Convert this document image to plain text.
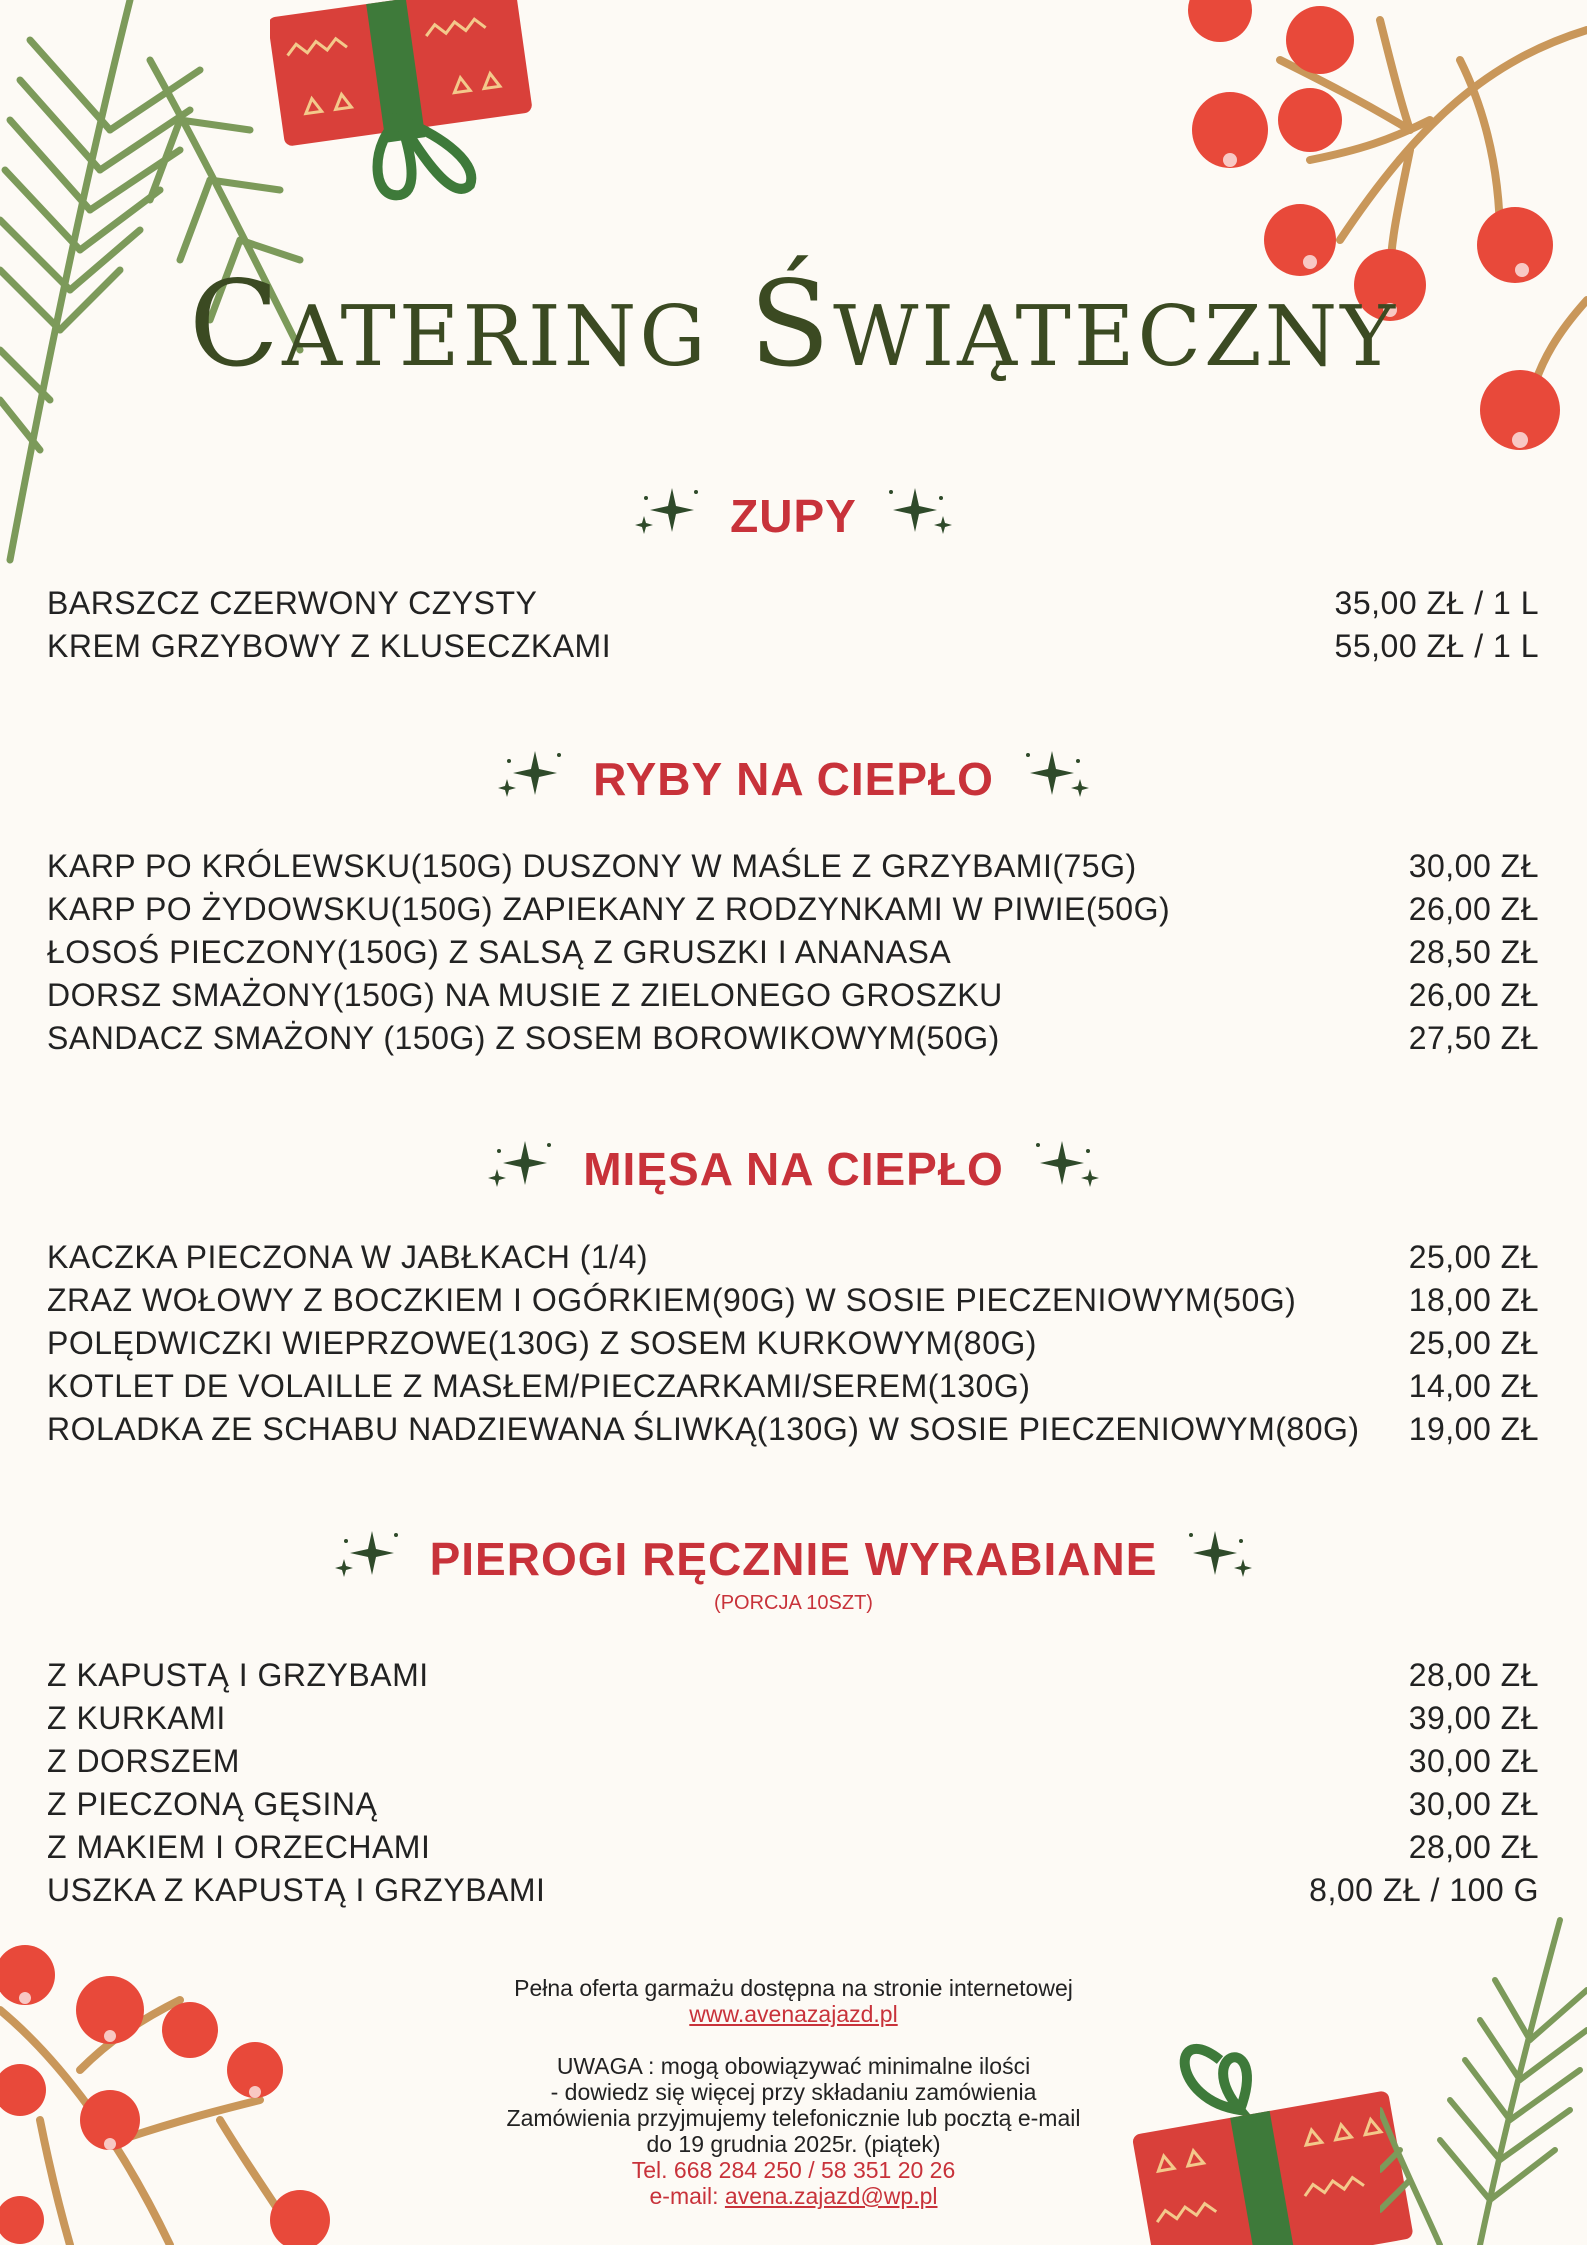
Catering Świąteczny
ZUPY
BARSZCZ CZERWONY CZYSTY	35,00 ZŁ / 1 L
KREM GRZYBOWY Z KLUSECZKAMI	55,00 ZŁ / 1 L
RYBY NA CIEPŁO
KARP PO KRÓLEWSKU(150G) DUSZONY W MAŚLE Z GRZYBAMI(75G)	30,00 ZŁ
KARP PO ŻYDOWSKU(150G) ZAPIEKANY Z RODZYNKAMI W PIWIE(50G)	26,00 ZŁ
ŁOSOŚ PIECZONY(150G) Z SALSĄ Z GRUSZKI I ANANASA	28,50 ZŁ
DORSZ SMAŻONY(150G) NA MUSIE Z ZIELONEGO GROSZKU	26,00 ZŁ
SANDACZ SMAŻONY (150G) Z SOSEM BOROWIKOWYM(50G)	27,50 ZŁ
MIĘSA NA CIEPŁO
KACZKA PIECZONA W JABŁKACH (1/4)	25,00 ZŁ
ZRAZ WOŁOWY Z BOCZKIEM I OGÓRKIEM(90G) W SOSIE PIECZENIOWYM(50G)	18,00 ZŁ
POLĘDWICZKI WIEPRZOWE(130G) Z SOSEM KURKOWYM(80G)	25,00 ZŁ
KOTLET DE VOLAILLE Z MASŁEM/PIECZARKAMI/SEREM(130G)	14,00 ZŁ
ROLADKA ZE SCHABU NADZIEWANA ŚLIWKĄ(130G) W SOSIE PIECZENIOWYM(80G) 19,00 ZŁ
PIEROGI RĘCZNIE WYRABIANE
(PORCJA 10SZT)
Z KAPUSTĄ I GRZYBAMI	28,00 ZŁ
Z KURKAMI	39,00 ZŁ
Z DORSZEM	30,00 ZŁ
Z PIECZONĄ GĘSINĄ	30,00 ZŁ
Z MAKIEM I ORZECHAMI	28,00 ZŁ
USZKA Z KAPUSTĄ I GRZYBAMI	8,00 ZŁ / 100 G
Pełna oferta garmażu dostępna na stronie internetowej
www.avenazajazd.pl
UWAGA : mogą obowiązywać minimalne ilości
- dowiedz się więcej przy składaniu zamówienia
Zamówienia przyjmujemy telefonicznie lub pocztą e-mail
do 19 grudnia 2025r. (piątek)
Tel. 668 284 250 / 58 351 20 26
e-mail: avena.zajazd@wp.pl
